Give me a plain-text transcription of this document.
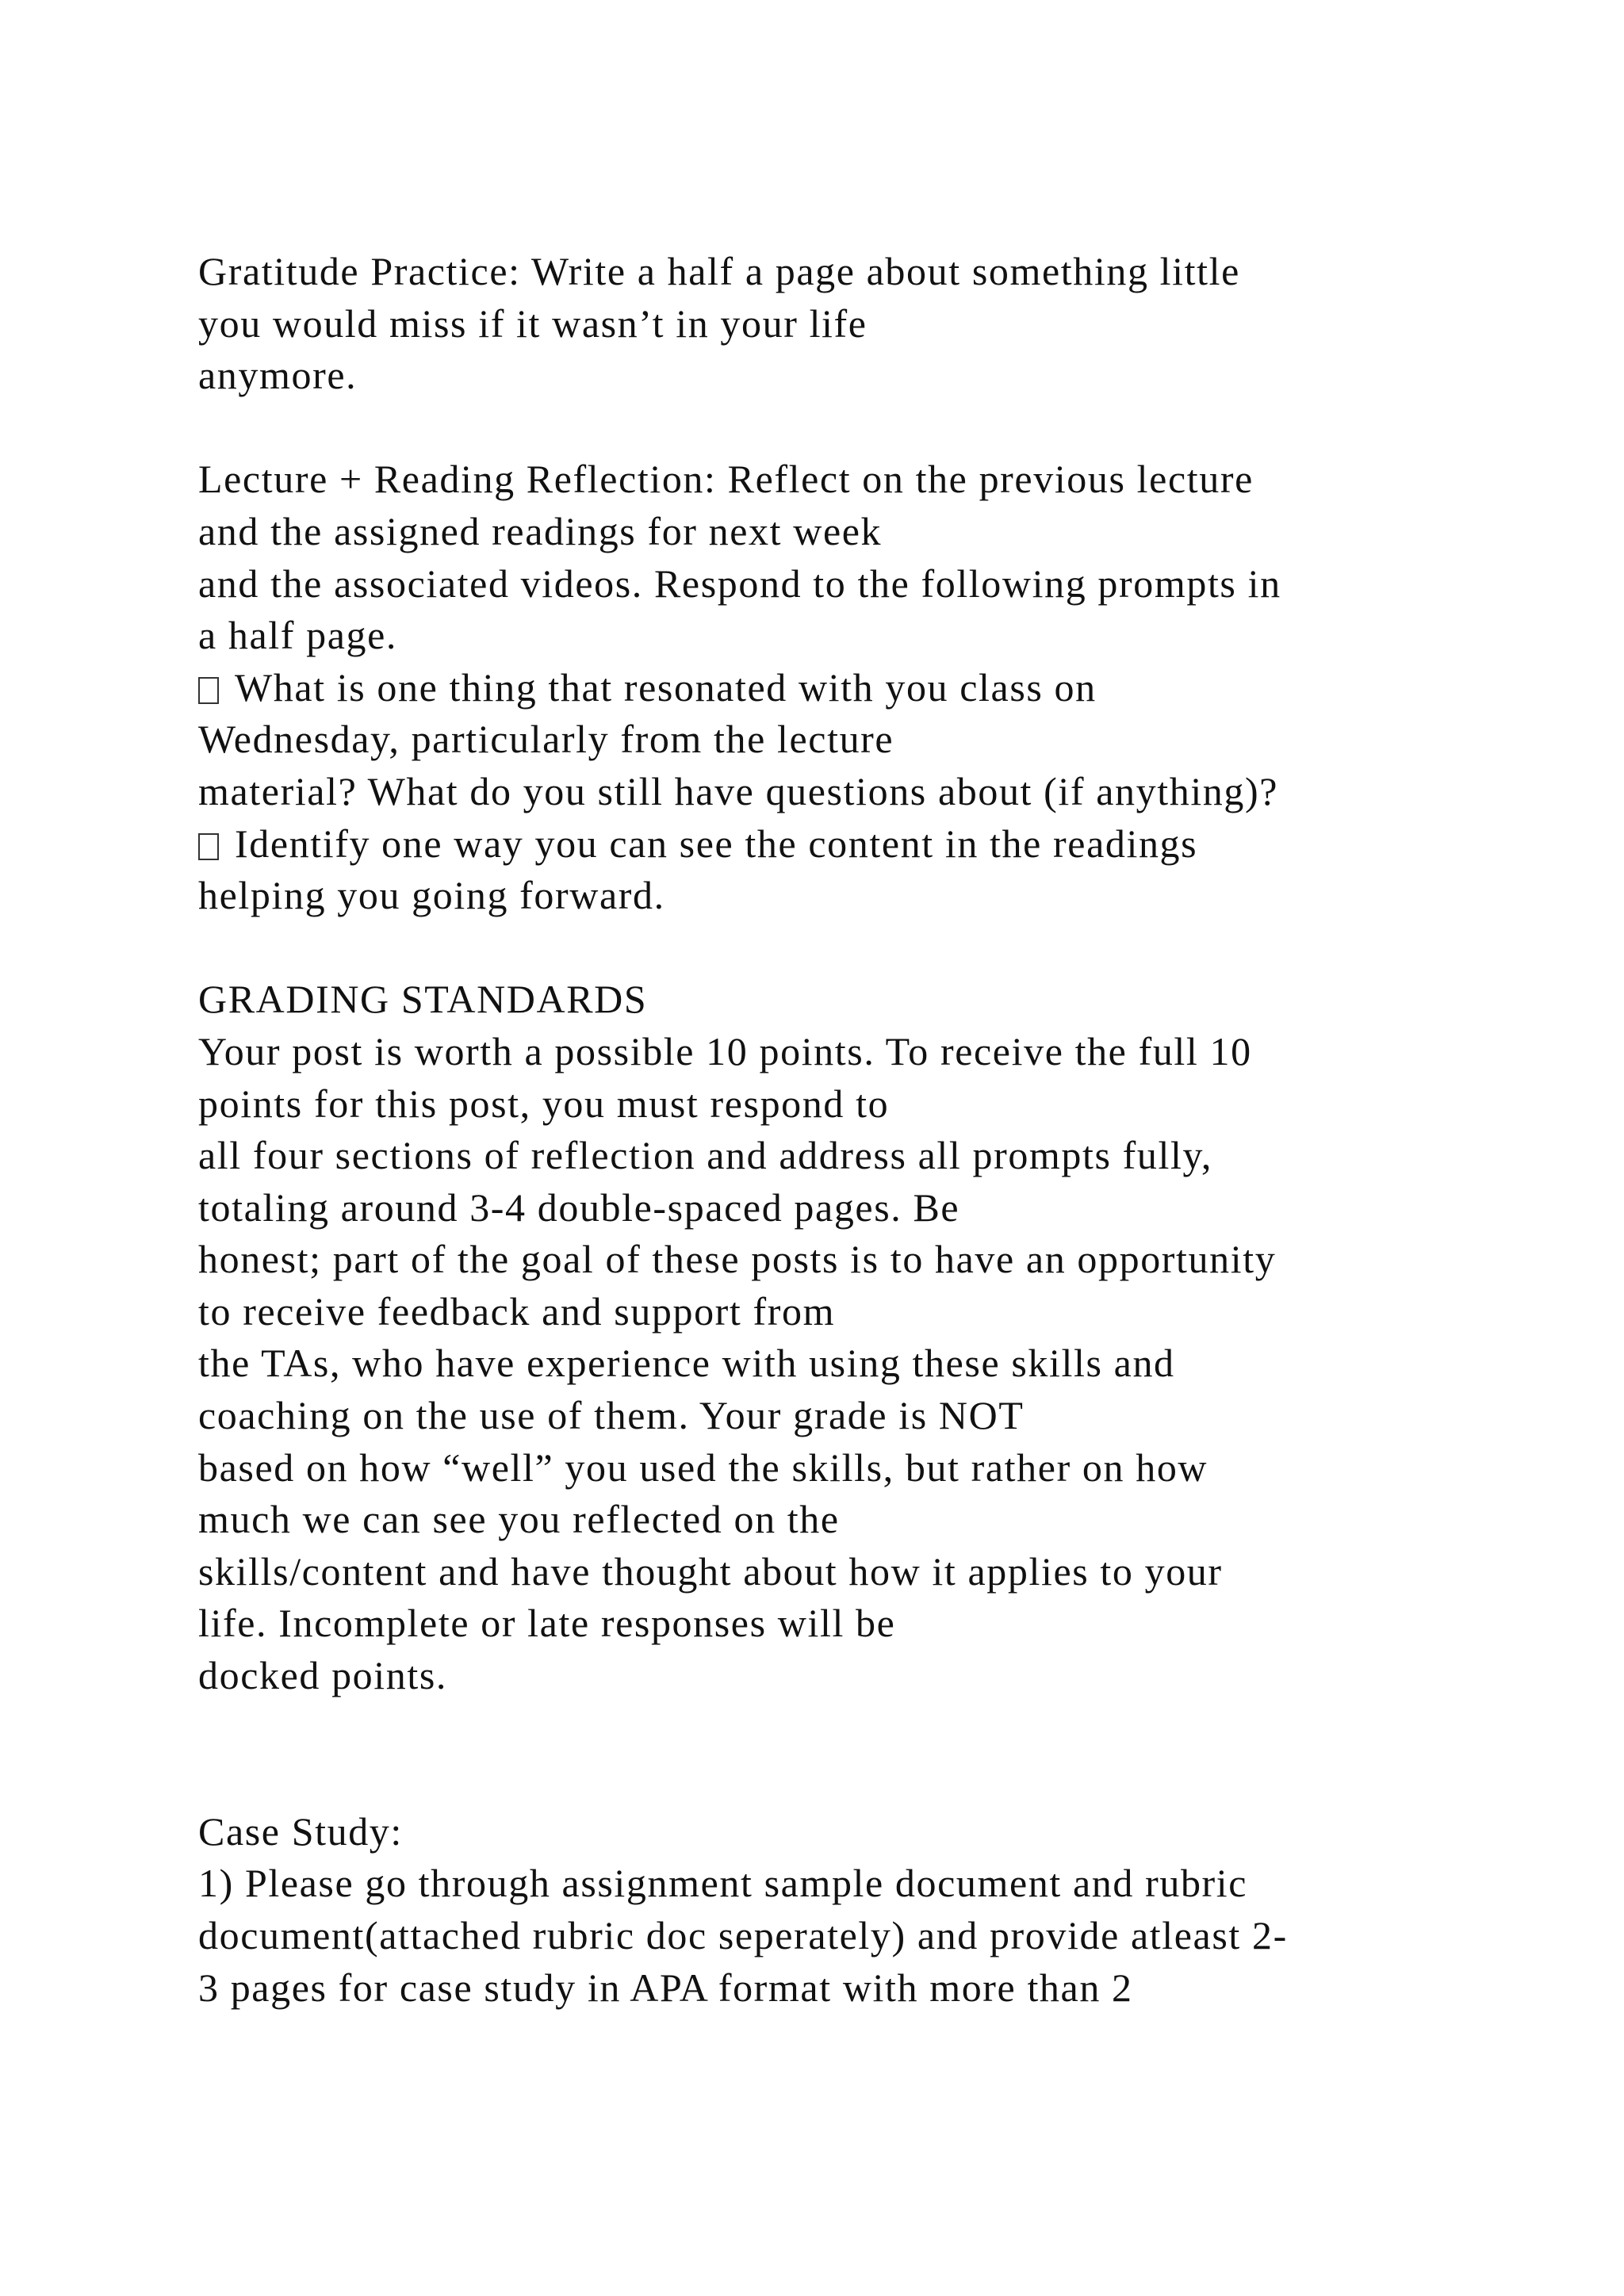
Gratitude Practice: Write a half a page about something little
you would miss if it wasn’t in your life
anymore.
Lecture + Reading Reflection: Reflect on the previous lecture
and the assigned readings for next week
and the associated videos. Respond to the following prompts in
a half page.
What is one thing that resonated with you class on
Wednesday, particularly from the lecture
material? What do you still have questions about (if anything)?
Identify one way you can see the content in the readings
helping you going forward.
GRADING STANDARDS
Your post is worth a possible 10 points. To receive the full 10
points for this post, you must respond to
all four sections of reflection and address all prompts fully,
totaling around 3-4 double-spaced pages. Be
honest; part of the goal of these posts is to have an opportunity
to receive feedback and support from
the TAs, who have experience with using these skills and
coaching on the use of them. Your grade is NOT
based on how “well” you used the skills, but rather on how
much we can see you reflected on the
skills/content and have thought about how it applies to your
life. Incomplete or late responses will be
docked points.
Case Study:
1) Please go through assignment sample document and rubric
document(attached rubric doc seperately) and provide atleast 2-
3 pages for case study in APA format with more than 2
